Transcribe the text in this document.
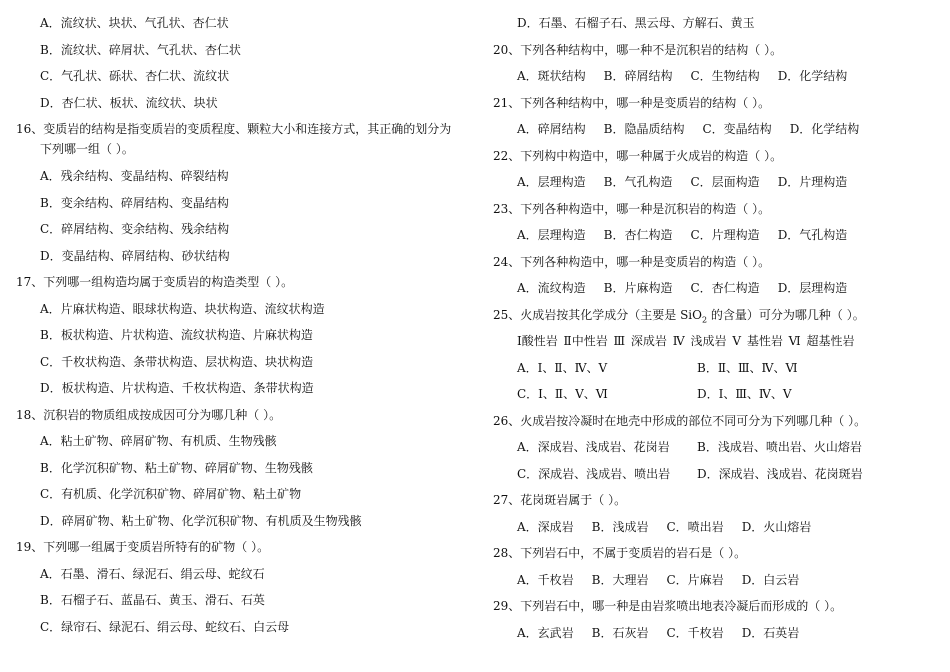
A．流纹状、块状、气孔状、杏仁状
B．流纹状、碎屑状、气孔状、杏仁状
C．气孔状、砾状、杏仁状、流纹状
D．杏仁状、板状、流纹状、块状
16、变质岩的结构是指变质岩的变质程度、颗粒大小和连接方式，其正确的划分为下列哪一组（ ）。
A．残余结构、变晶结构、碎裂结构
B．变余结构、碎屑结构、变晶结构
C．碎屑结构、变余结构、残余结构
D．变晶结构、碎屑结构、砂状结构
17、下列哪一组构造均属于变质岩的构造类型（ ）。
A．片麻状构造、眼球状构造、块状构造、流纹状构造
B．板状构造、片状构造、流纹状构造、片麻状构造
C．千枚状构造、条带状构造、层状构造、块状构造
D．板状构造、片状构造、千枚状构造、条带状构造
18、沉积岩的物质组成按成因可分为哪几种（ ）。
A．粘土矿物、碎屑矿物、有机质、生物残骸
B．化学沉积矿物、粘土矿物、碎屑矿物、生物残骸
C．有机质、化学沉积矿物、碎屑矿物、粘土矿物
D．碎屑矿物、粘土矿物、化学沉积矿物、有机质及生物残骸
19、下列哪一组属于变质岩所特有的矿物（ ）。
A．石墨、滑石、绿泥石、绢云母、蛇纹石
B．石榴子石、蓝晶石、黄玉、滑石、石英
C．绿帘石、绿泥石、绢云母、蛇纹石、白云母
D．石墨、石榴子石、黑云母、方解石、黄玉
20、下列各种结构中，哪一种不是沉积岩的结构（ ）。
A．斑状结构 B．碎屑结构 C．生物结构 D．化学结构
21、下列各种结构中，哪一种是变质岩的结构（ ）。
A．碎屑结构 B．隐晶质结构 C．变晶结构 D．化学结构
22、下列构中构造中，哪一种属于火成岩的构造（ ）。
A．层理构造 B．气孔构造 C．层面构造 D．片理构造
23、下列各种构造中，哪一种是沉积岩的构造（ ）。
A．层理构造 B．杏仁构造 C．片理构造 D．气孔构造
24、下列各种构造中，哪一种是变质岩的构造（ ）。
A．流纹构造 B．片麻构造 C．杏仁构造 D．层理构造
25、火成岩按其化学成分（主要是 SiO$_2$ 的含量）可分为哪几种（ ）。
Ⅰ酸性岩 Ⅱ中性岩 Ⅲ 深成岩 Ⅳ 浅成岩 Ⅴ 基性岩 Ⅵ 超基性岩
A．Ⅰ、Ⅱ、Ⅳ、Ⅴ	B．Ⅱ、Ⅲ、Ⅳ、Ⅵ
C．Ⅰ、Ⅱ、Ⅴ、Ⅵ	D．Ⅰ、Ⅲ、Ⅳ、Ⅴ
26、火成岩按冷凝时在地壳中形成的部位不同可分为下列哪几种（ ）。
A．深成岩、浅成岩、花岗岩	B．浅成岩、喷出岩、火山熔岩
C．深成岩、浅成岩、喷出岩	D．深成岩、浅成岩、花岗斑岩
27、花岗斑岩属于（ ）。
A．深成岩 B．浅成岩 C．喷出岩 D．火山熔岩
28、下列岩石中，不属于变质岩的岩石是（ ）。
A．千枚岩 B．大理岩 C．片麻岩 D．白云岩
29、下列岩石中，哪一种是由岩浆喷出地表冷凝后而形成的（ ）。
A．玄武岩 B．石灰岩 C．千枚岩 D．石英岩
